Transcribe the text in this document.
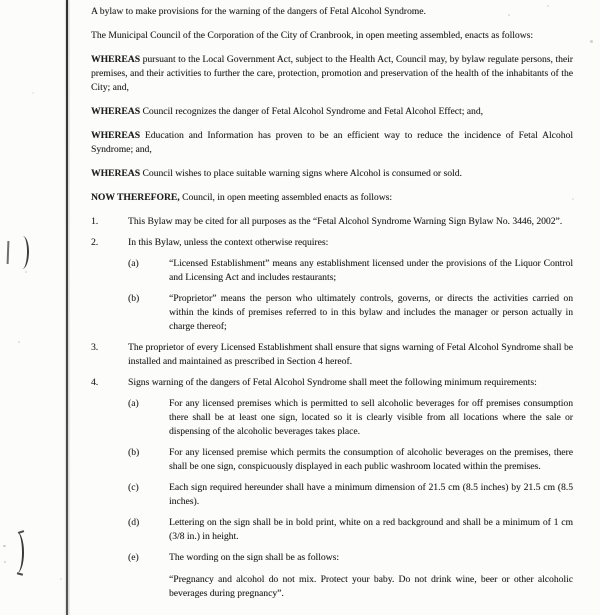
A bylaw to make provisions for the warning of the dangers of Fetal Alcohol Syndrome.

The Municipal Council of the Corporation of the City of Cranbrook, in open meeting assembled, enacts as follows:

WHEREAS pursuant to the Local Government Act, subject to the Health Act, Council may, by bylaw regulate persons, their premises, and their activities to further the care, protection, promotion and preservation of the health of the inhabitants of the City; and,

WHEREAS Council recognizes the danger of Fetal Alcohol Syndrome and Fetal Alcohol Effect; and,

WHEREAS Education and Information has proven to be an efficient way to reduce the incidence of Fetal Alcohol Syndrome; and,

WHEREAS Council wishes to place suitable warning signs where Alcohol is consumed or sold.

NOW THEREFORE, Council, in open meeting assembled enacts as follows:

1.	This Bylaw may be cited for all purposes as the “Fetal Alcohol Syndrome Warning Sign Bylaw No. 3446, 2002”.
2.	In this Bylaw, unless the context otherwise requires:
(a)	“Licensed Establishment” means any establishment licensed under the provisions of the Liquor Control and Licensing Act and includes restaurants;
(b)	“Proprietor” means the person who ultimately controls, governs, or directs the activities carried on within the kinds of premises referred to in this bylaw and includes the manager or person actually in charge thereof;
3.	The proprietor of every Licensed Establishment shall ensure that signs warning of Fetal Alcohol Syndrome shall be installed and maintained as prescribed in Section 4 hereof.
4.	Signs warning of the dangers of Fetal Alcohol Syndrome shall meet the following minimum requirements:
(a)	For any licensed premises which is permitted to sell alcoholic beverages for off premises consumption there shall be at least one sign, located so it is clearly visible from all locations where the sale or dispensing of the alcoholic beverages takes place.
(b)	For any licensed premise which permits the consumption of alcoholic beverages on the premises, there shall be one sign, conspicuously displayed in each public washroom located within the premises.
(c)	Each sign required hereunder shall have a minimum dimension of 21.5 cm (8.5 inches) by 21.5 cm (8.5 inches).
(d)	Lettering on the sign shall be in bold print, white on a red background and shall be a minimum of 1 cm (3/8 in.) in height.
(e)	The wording on the sign shall be as follows:
“Pregnancy and alcohol do not mix. Protect your baby. Do not drink wine, beer or other alcoholic beverages during pregnancy”.
